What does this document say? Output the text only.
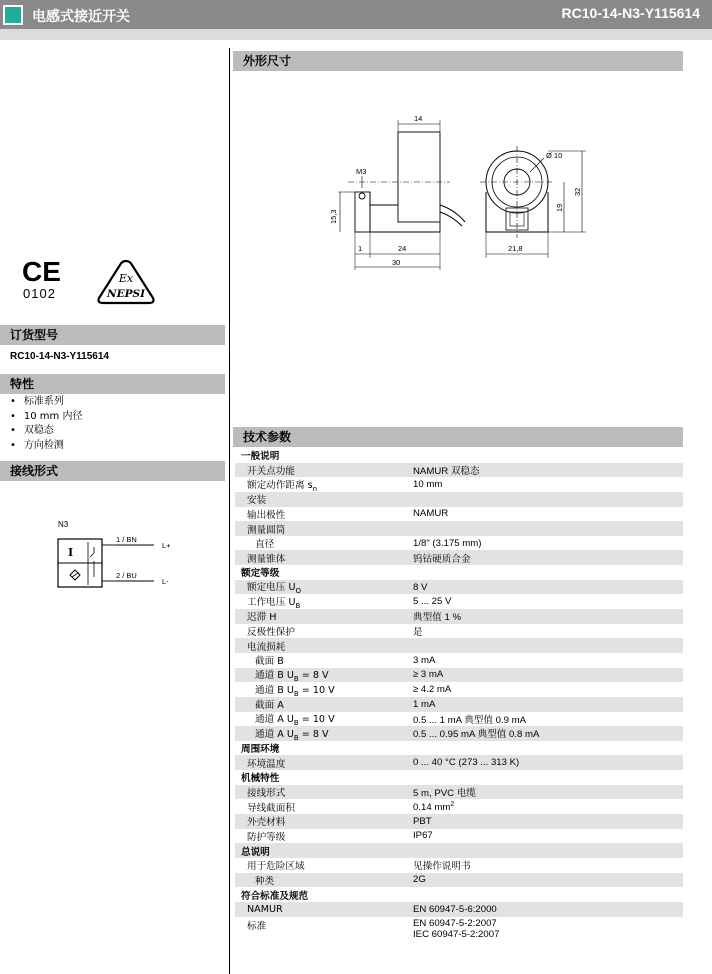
电感式接近开关	RC10-14-N3-Y115614
外形尺寸
订货型号
特性
接线形式
技术参数
CE
0102
Ex
NEPSI
RC10-14-N3-Y115614
• 标准系列
• 10 mm 内径
• 双稳态
• 方向检测
N3
I
1 / BN
2 / BU
L+
L-
14
M3
15,3
1	24
30
Ø 10
19
32
21,8
一般说明
开关点功能	NAMUR 双稳态
额定动作距离 $s_n$	10 mm
安装
输出极性	NAMUR
测量圆筒
直径	1/8" (3.175 mm)
测量锥体	钨钴硬质合金
额定等级
额定电压 $U_O$	8 V
工作电压 $U_B$	5 ... 25 V
迟滞 H	典型值 1 %
反极性保护	是
电流损耗
截面 B	3 mA
通道 B $U_B = 8$ V	≥ 3 mA
通道 B $U_B = 10$ V	≥ 4.2 mA
截面 A	1 mA
通道 A $U_B = 10$ V	0.5 ... 1 mA 典型值 0.9 mA
通道 A $U_B = 8$ V	0.5 ... 0.95 mA 典型值 0.8 mA
周围环境
环境温度	0 ... 40 °C (273 ... 313 K)
机械特性
接线形式	5 m, PVC 电缆
导线截面积	0.14 $mm^2$
外壳材料	PBT
防护等级	IP67
总说明
用于危险区域	见操作说明书
种类	2G
符合标准及规范
NAMUR	EN 60947-5-6:2000
标准	EN 60947-5-2:2007
IEC 60947-5-2:2007
